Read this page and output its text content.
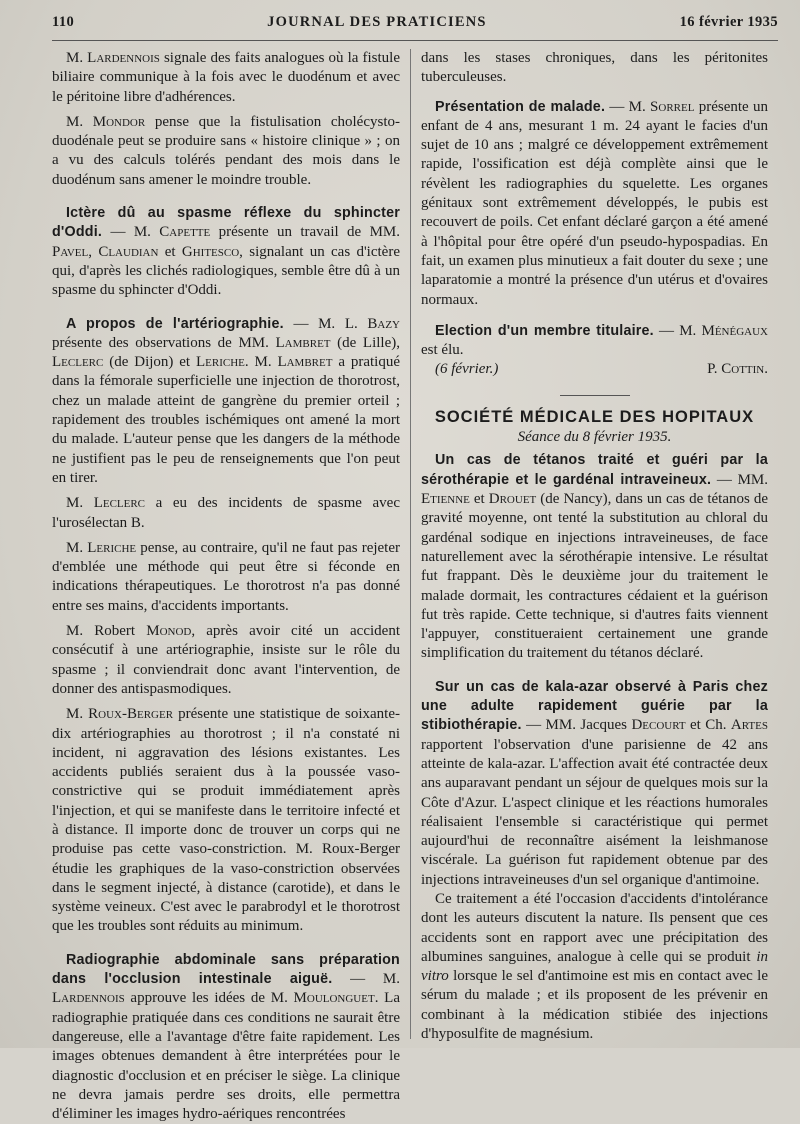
110	JOURNAL DES PRATICIENS	16 février 1935

M. Lardennois signale des faits analogues où la fistule biliaire communique à la fois avec le duodénum et avec le péritoine libre d'adhérences.

M. Mondor pense que la fistulisation cholécysto-duodénale peut se produire sans « histoire clinique » ; on a vu des calculs tolérés pendant des mois dans le duodénum sans amener le moindre trouble.

Ictère dû au spasme réflexe du sphincter d'Oddi. — M. Capette présente un travail de MM. Pavel, Claudian et Ghitesco, signalant un cas d'ictère qui, d'après les clichés radiologiques, semble être dû à un spasme du sphincter d'Oddi.

A propos de l'artériographie. — M. L. Bazy présente des observations de MM. Lambret (de Lille), Leclerc (de Dijon) et Leriche. M. Lambret a pratiqué dans la fémorale superficielle une injection de thorotrost, chez un malade atteint de gangrène du premier orteil ; rapidement des troubles ischémiques ont amené la mort du malade. L'auteur pense que les dangers de la méthode ne justifient pas le peu de renseignements que l'on peut en tirer.

M. Leclerc a eu des incidents de spasme avec l'urosélectan B.

M. Leriche pense, au contraire, qu'il ne faut pas rejeter d'emblée une méthode qui peut être si féconde en indications thérapeutiques. Le thorotrost n'a pas donné entre ses mains, d'accidents importants.

M. Robert Monod, après avoir cité un accident consécutif à une artériographie, insiste sur le rôle du spasme ; il conviendrait donc avant l'intervention, de donner des antispasmodiques.

M. Roux-Berger présente une statistique de soixante-dix artériographies au thorotrost ; il n'a constaté ni incident, ni aggravation des lésions existantes. Les accidents publiés seraient dus à la poussée vaso-constrictive qui se produit immédiatement après l'injection, et qui se manifeste dans le territoire infecté et à distance. Il importe donc de trouver un corps qui ne produise pas cette vaso-constriction. M. Roux-Berger étudie les graphiques de la vaso-constriction observées dans le segment injecté, à distance (carotide), et dans le système veineux. C'est avec le parabrodyl et le thorotrost que les troubles sont réduits au minimum.

Radiographie abdominale sans préparation dans l'occlusion intestinale aiguë. — M. Lardennois approuve les idées de M. Moulonguet. La radiographie pratiquée dans ces conditions ne saurait être dangereuse, elle a l'avantage d'être faite rapidement. Les images obtenues demandent à être interprétées pour le diagnostic d'occlusion et en préciser le siège. La clinique ne devra jamais perdre ses droits, elle permettra d'éliminer les images hydro-aériques rencontrées

dans les stases chroniques, dans les péritonites tuberculeuses.

Présentation de malade. — M. Sorrel présente un enfant de 4 ans, mesurant 1 m. 24 ayant le facies d'un sujet de 10 ans ; malgré ce développement extrêmement rapide, l'ossification est déjà complète ainsi que le révèlent les radiographies du squelette. Les organes génitaux sont extrêmement développés, le pubis est recouvert de poils. Cet enfant déclaré garçon a été amené à l'hôpital pour être opéré d'un pseudo-hypospadias. En fait, un examen plus minutieux a fait douter du sexe ; une laparatomie a montré la présence d'un utérus et d'ovaires normaux.

Election d'un membre titulaire. — M. Ménégaux est élu.

(6 février.)	P. Cottin.
SOCIÉTÉ MÉDICALE DES HOPITAUX
Séance du 8 février 1935.

Un cas de tétanos traité et guéri par la sérothérapie et le gardénal intraveineux. — MM. Etienne et Drouet (de Nancy), dans un cas de tétanos de gravité moyenne, ont tenté la substitution au chloral du gardénal sodique en injections intraveineuses, de face naturellement avec la sérothérapie intensive. Le résultat fut frappant. Dès le deuxième jour du traitement le malade dormait, les contractures cédaient et la guérison fut très rapide. Cette technique, si d'autres faits viennent l'appuyer, constitueraient certainement une grande simplification du traitement du tétanos déclaré.

Sur un cas de kala-azar observé à Paris chez une adulte rapidement guérie par la stibiothérapie. — MM. Jacques Decourt et Ch. Artes rapportent l'observation d'une parisienne de 42 ans atteinte de kala-azar. L'affection avait été contractée deux ans auparavant pendant un séjour de quelques mois sur la Côte d'Azur. L'aspect clinique et les réactions humorales réalisaient l'ensemble si caractéristique qui permet aujourd'hui de reconnaître aisément la leishmanose viscérale. La guérison fut rapidement obtenue par des injections intraveineuses d'un sel organique d'antimoine.

Ce traitement a été l'occasion d'accidents d'intolérance dont les auteurs discutent la nature. Ils pensent que ces accidents sont en rapport avec une précipitation des albumines sanguines, analogue à celle qui se produit in vitro lorsque le sel d'antimoine est mis en contact avec le sérum du malade ; et ils proposent de les prévenir en combinant à la médication stibiée des injections d'hyposulfite de magnésium.
